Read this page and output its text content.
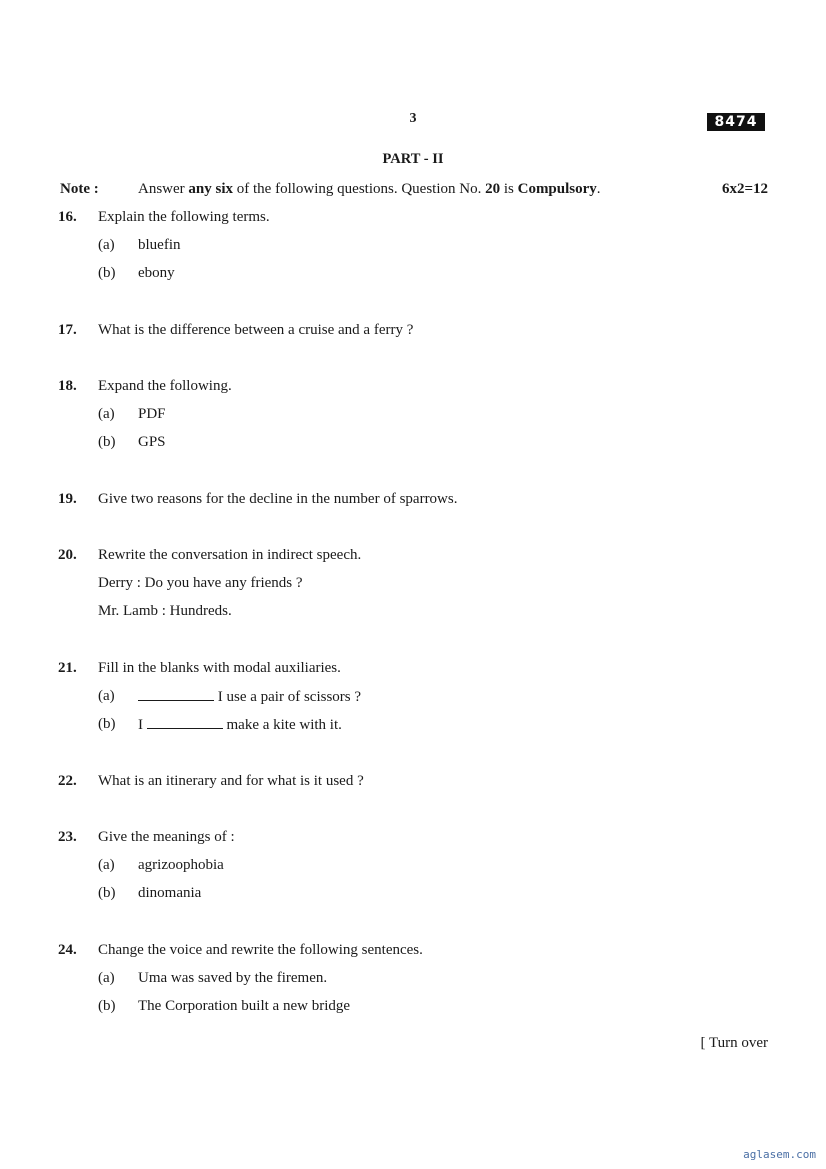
3	8474
PART - II
Note :	Answer any six of the following questions. Question No. 20 is Compulsory.	6x2=12
16. Explain the following terms.
(a) bluefin
(b) ebony
17. What is the difference between a cruise and a ferry ?
18. Expand the following.
(a) PDF
(b) GPS
19. Give two reasons for the decline in the number of sparrows.
20. Rewrite the conversation in indirect speech.
Derry : Do you have any friends ?
Mr. Lamb : Hundreds.
21. Fill in the blanks with modal auxiliaries.
(a)	I use a pair of scissors ?
(b) I	make a kite with it.
22. What is an itinerary and for what is it used ?
23. Give the meanings of :
(a) agrizoophobia
(b) dinomania
24. Change the voice and rewrite the following sentences.
(a) Uma was saved by the firemen.
(b) The Corporation built a new bridge
[ Turn over
aglasem.com
